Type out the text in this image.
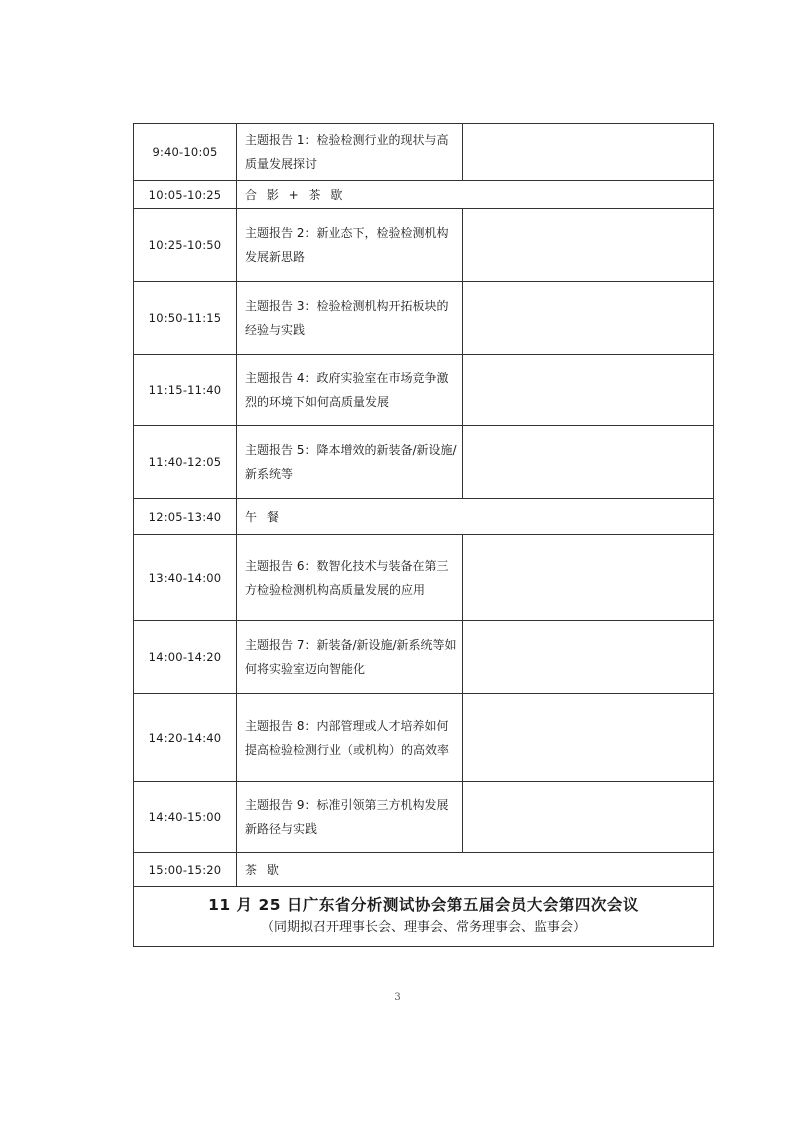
9:40-10:05	主题报告 1：检验检测行业的现状与高质量发展探讨	
10:05-10:25	合 影 + 茶 歇	
10:25-10:50	主题报告 2：新业态下，检验检测机构发展新思路	
10:50-11:15	主题报告 3：检验检测机构开拓板块的经验与实践	
11:15-11:40	主题报告 4：政府实验室在市场竞争激烈的环境下如何高质量发展	
11:40-12:05	主题报告 5：降本增效的新装备/新设施/新系统等	
12:05-13:40	午 餐	
13:40-14:00	主题报告 6：数智化技术与装备在第三方检验检测机构高质量发展的应用	
14:00-14:20	主题报告 7：新装备/新设施/新系统等如何将实验室迈向智能化	
14:20-14:40	主题报告 8：内部管理或人才培养如何提高检验检测行业（或机构）的高效率	
14:40-15:00	主题报告 9：标准引领第三方机构发展新路径与实践	
15:00-15:20	茶 歇	

11 月 25 日广东省分析测试协会第五届会员大会第四次会议
（同期拟召开理事长会、理事会、常务理事会、监事会）		
3
